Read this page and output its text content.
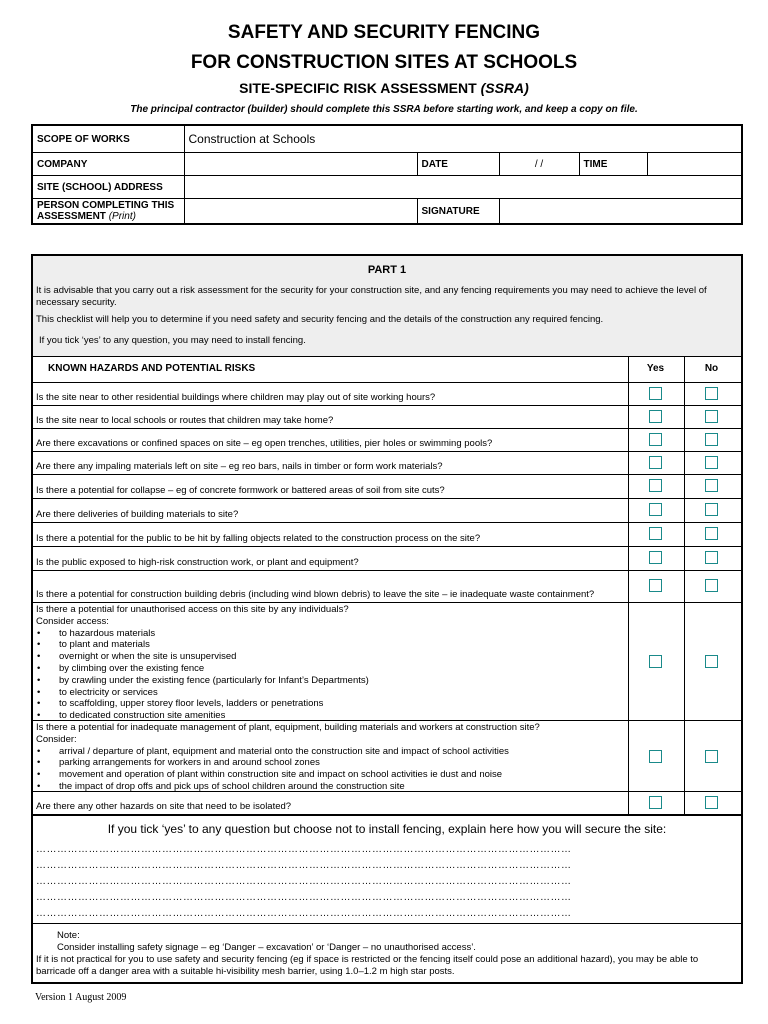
SAFETY AND SECURITY FENCING
FOR CONSTRUCTION SITES AT SCHOOLS
SITE-SPECIFIC RISK ASSESSMENT (SSRA)
The principal contractor (builder) should complete this SSRA before starting work, and keep a copy on file.
SCOPE OF WORKS	Construction at Schools				
COMPANY		DATE	/ /	TIME	
SITE (SCHOOL) ADDRESS					
PERSON COMPLETING THIS
ASSESSMENT (Print)		SIGNATURE			
PART 1
It is advisable that you carry out a risk assessment for the security for your construction site, and any fencing requirements you may need to achieve the level of necessary security.
This checklist will help you to determine if you need safety and security fencing and the details of the construction any required fencing.
If you tick ‘yes’ to any question, you may need to install fencing.
KNOWN HAZARDS AND POTENTIAL RISKS	Yes	No
Is the site near to other residential buildings where children may play out of site working hours?
Is the site near to local schools or routes that children may take home?
Are there excavations or confined spaces on site – eg open trenches, utilities, pier holes or swimming pools?
Are there any impaling materials left on site – eg reo bars, nails in timber or form work materials?
Is there a potential for collapse – eg of concrete formwork or battered areas of soil from site cuts?
Are there deliveries of building materials to site?
Is there a potential for the public to be hit by falling objects related to the construction process on the site?
Is the public exposed to high-risk construction work, or plant and equipment?
Is there a potential for construction building debris (including wind blown debris) to leave the site – ie inadequate waste containment?
Is there a potential for unauthorised access on this site by any individuals?
Consider access:
• to hazardous materials
• to plant and materials
• overnight or when the site is unsupervised
• by climbing over the existing fence
• by crawling under the existing fence (particularly for Infant’s Departments)
• to electricity or services
• to scaffolding, upper storey floor levels, ladders or penetrations
• to dedicated construction site amenities
Is there a potential for inadequate management of plant, equipment, building materials and workers at construction site?
Consider:
• arrival / departure of plant, equipment and material onto the construction site and impact of school activities
• parking arrangements for workers in and around school zones
• movement and operation of plant within construction site and impact on school activities ie dust and noise
• the impact of drop offs and pick ups of school children around the construction site
Are there any other hazards on site that need to be isolated?
If you tick ‘yes’ to any question but choose not to install fencing, explain here how you will secure the site:
………………………………………………………………………………………………………………………………………
………………………………………………………………………………………………………………………………………
………………………………………………………………………………………………………………………………………
………………………………………………………………………………………………………………………………………
………………………………………………………………………………………………………………………………………
Note:
Consider installing safety signage – eg ‘Danger – excavation’ or ‘Danger – no unauthorised access’.
If it is not practical for you to use safety and security fencing (eg if space is restricted or the fencing itself could pose an additional hazard), you may be able to barricade off a danger area with a suitable hi-visibility mesh barrier, using 1.0–1.2 m high star posts.
Version 1 August 2009
